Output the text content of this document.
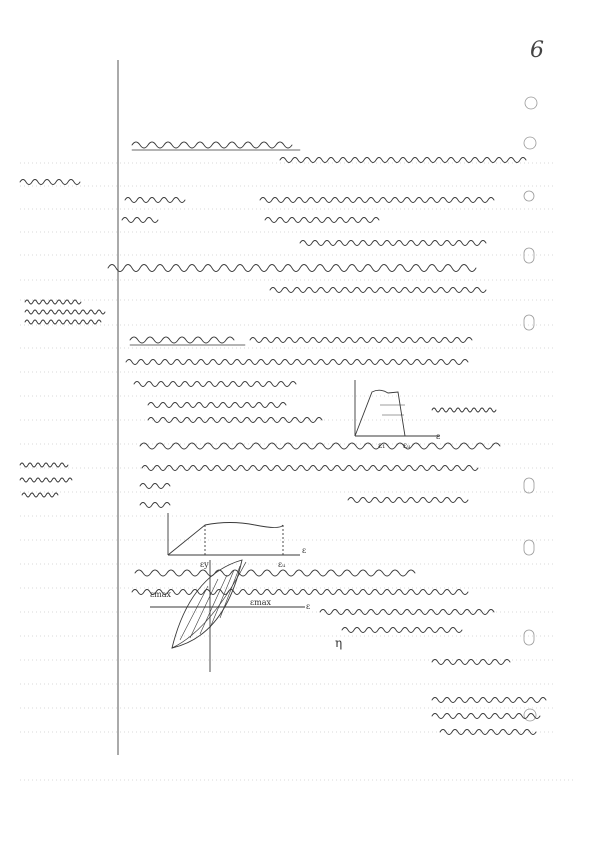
6
ε
ε₁ εᵤ
ε
εy	εᵤ
εmax
εmax	ε
η
